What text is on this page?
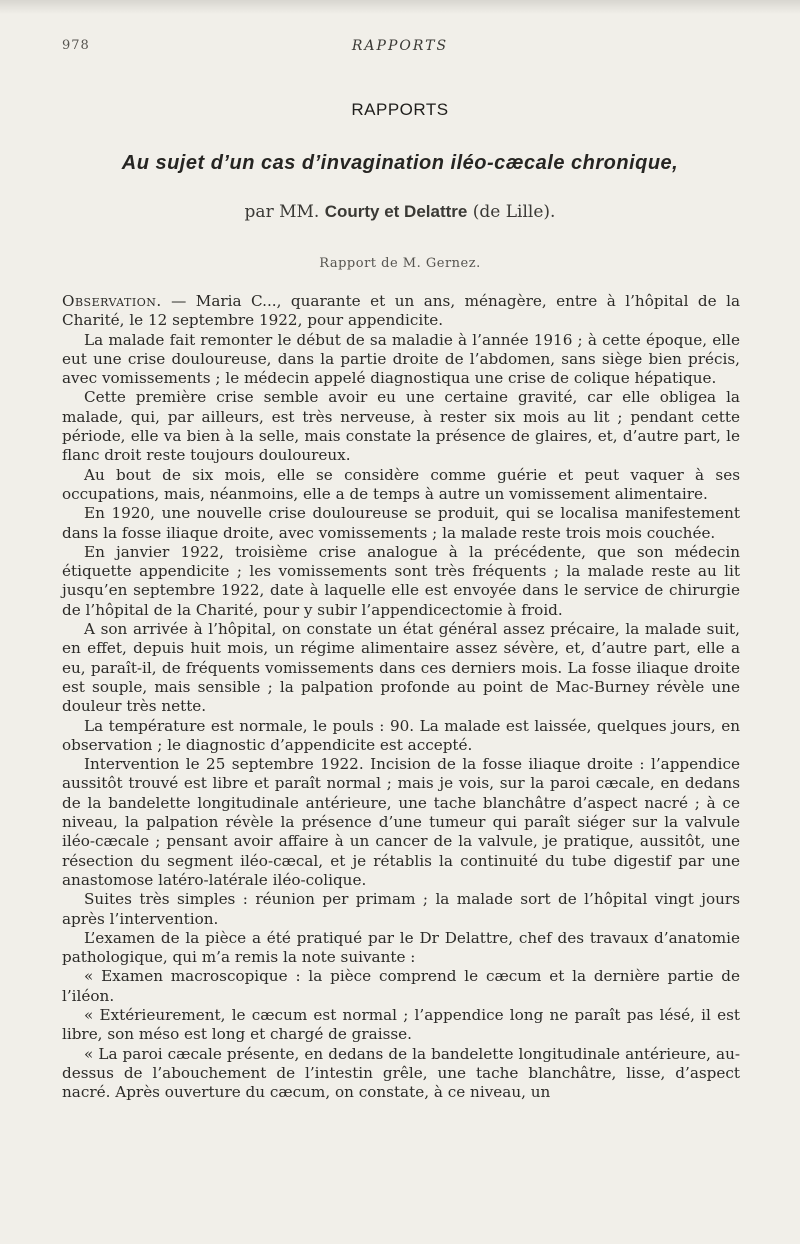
978	RAPPORTS
RAPPORTS
Au sujet d’un cas d’invagination iléo-cæcale chronique,
par MM. Courty et Delattre (de Lille).
Rapport de M. Gernez.

Observation. — Maria C..., quarante et un ans, ménagère, entre à l’hôpital de la Charité, le 12 septembre 1922, pour appendicite.

La malade fait remonter le début de sa maladie à l’année 1916 ; à cette époque, elle eut une crise douloureuse, dans la partie droite de l’abdomen, sans siège bien précis, avec vomissements ; le médecin appelé diagnostiqua une crise de colique hépatique.

Cette première crise semble avoir eu une certaine gravité, car elle obligea la malade, qui, par ailleurs, est très nerveuse, à rester six mois au lit ; pendant cette période, elle va bien à la selle, mais constate la présence de glaires, et, d’autre part, le flanc droit reste toujours douloureux.

Au bout de six mois, elle se considère comme guérie et peut vaquer à ses occupations, mais, néanmoins, elle a de temps à autre un vomissement alimentaire.

En 1920, une nouvelle crise douloureuse se produit, qui se localisa manifestement dans la fosse iliaque droite, avec vomissements ; la malade reste trois mois couchée.

En janvier 1922, troisième crise analogue à la précédente, que son médecin étiquette appendicite ; les vomissements sont très fréquents ; la malade reste au lit jusqu’en septembre 1922, date à laquelle elle est envoyée dans le service de chirurgie de l’hôpital de la Charité, pour y subir l’appendicectomie à froid.

A son arrivée à l’hôpital, on constate un état général assez précaire, la malade suit, en effet, depuis huit mois, un régime alimentaire assez sévère, et, d’autre part, elle a eu, paraît-il, de fréquents vomissements dans ces derniers mois. La fosse iliaque droite est souple, mais sensible ; la palpation profonde au point de Mac-Burney révèle une douleur très nette.

La température est normale, le pouls : 90. La malade est laissée, quelques jours, en observation ; le diagnostic d’appendicite est accepté.

Intervention le 25 septembre 1922. Incision de la fosse iliaque droite : l’appendice aussitôt trouvé est libre et paraît normal ; mais je vois, sur la paroi cæcale, en dedans de la bandelette longitudinale antérieure, une tache blanchâtre d’aspect nacré ; à ce niveau, la palpation révèle la présence d’une tumeur qui paraît siéger sur la valvule iléo-cæcale ; pensant avoir affaire à un cancer de la valvule, je pratique, aussitôt, une résection du segment iléo-cæcal, et je rétablis la continuité du tube digestif par une anastomose latéro-latérale iléo-colique.

Suites très simples : réunion per primam ; la malade sort de l’hôpital vingt jours après l’intervention.

L’examen de la pièce a été pratiqué par le Dr Delattre, chef des travaux d’anatomie pathologique, qui m’a remis la note suivante :

« Examen macroscopique : la pièce comprend le cæcum et la dernière partie de l’iléon.

« Extérieurement, le cæcum est normal ; l’appendice long ne paraît pas lésé, il est libre, son méso est long et chargé de graisse.

« La paroi cæcale présente, en dedans de la bandelette longitudinale antérieure, au-dessus de l’abouchement de l’intestin grêle, une tache blanchâtre, lisse, d’aspect nacré. Après ouverture du cæcum, on constate, à ce niveau, un
